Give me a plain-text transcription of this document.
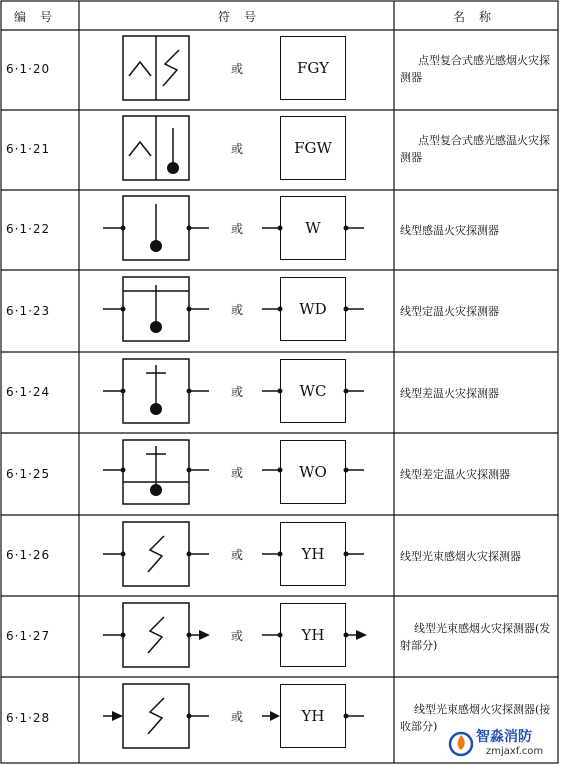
编号	符号	名称
6·1·20	或	FGY	点型复合式感光感烟火灾探测器
6·1·21	或	FGW	点型复合式感光感温火灾探测器
6·1·22	或	W	线型感温火灾探测器
6·1·23	或	WD	线型定温火灾探测器
6·1·24	或	WC	线型差温火灾探测器
6·1·25	或	WO	线型差定温火灾探测器
6·1·26	或	YH	线型光束感烟火灾探测器
6·1·27	或	YH	线型光束感烟火灾探测器(发射部分)
6·1·28	或	YH	线型光束感烟火灾探测器(接收部分)
智淼消防
zmjaxf.com
